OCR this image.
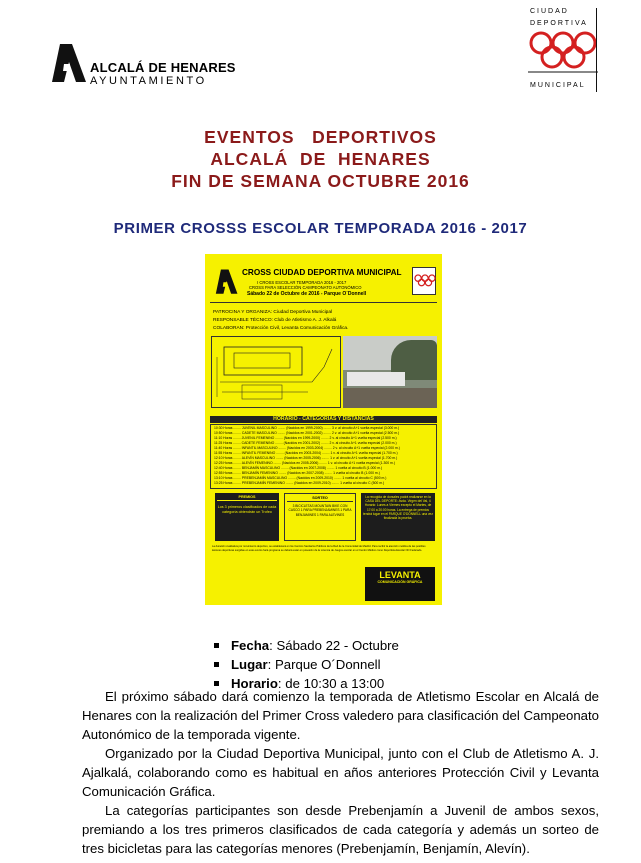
ALCALÁ DE HENARES
AYUNTAMIENTO
CIUDAD
DEPORTIVA
MUNICIPAL
EVENTOS   DEPORTIVOS
ALCALÁ  DE  HENARES
FIN DE SEMANA OCTUBRE 2016
PRIMER CROSSS ESCOLAR TEMPORADA 2016 - 2017
CROSS CIUDAD DEPORTIVA MUNICIPAL
I CROSS ESCOLAR TEMPORADA 2016 - 2017
CROSS PARA SELECCIÓN CAMPEONATO AUTONÓMICO
Sábado 22 de Octubre de 2016 - Parque O´Donnell
PATROCINA Y ORGANIZA: Ciudad Deportiva Municipal
RESPONSABLE TÉCNICO: Club de Atletismo A. J. Alkalá
COLABORAN: Protección Civil, Levanta Comunicación Gráfica.
HORARIO - CATEGORIAS Y DISTANCIAS
10:30 Horas ........ JUVENIL MASCULINO ........ (Nacidos en 1999-2000) ........ 3 v. al circuito A+1 vuelta especial (3.000 m.)
10:50 Horas ........ CADETE MASCULINO ........ (Nacidos en 2001-2002) ........ 2 v. al circuito A+1 vuelta especial (2.500 m.)
11:10 Horas ........ JUVENIL FEMENINO ........ (Nacidos en 1999-2000) ........ 2 v. al circuito A+1 vuelta especial (2.500 m.)
11:25 Horas ........ CADETE FEMENINO ........ (Nacidos en 2001-2002) ........ 2 v. al circuito A+1 vuelta especial (2.000 m.)
11:40 Horas ........ INFANTIL MASCULINO ........ (Nacidos en 2003-2004) ........ 2 v. al circuito A+1 vuelta especial (2.000 m.)
11:55 Horas ........ INFANTIL FEMENINO ........ (Nacidos en 2003-2004) ........ 1 v. al circuito A+1 vuelta especial (1.700 m.)
12:10 Horas ........ ALEVÍN MASCULINO ........ (Nacidos en 2005-2006) ........ 1 v. al circuito A+1 vuelta especial (1.700 m.)
12:25 Horas ........ ALEVÍN FEMENINO ........ (Nacidos en 2005-2006) ........ 1 v. al circuito A+1 vuelta especial (1.300 m.)
12:40 Horas ........ BENJAMÍN MASCULINO ........ (Nacidos en 2007-2008) ........ 1 vuelta al circuito B (1.000 m.)
12:55 Horas ........ BENJAMÍN FEMENINO ........ (Nacidos en 2007-2008) ........ 1 vuelta al circuito B (1.000 m.)
13:10 Horas ........ PREBENJAMÍN MASCULINO ........ (Nacidos en 2009-2010) ........ 1 vuelta al circuito C (500 m.)
13:25 Horas ........ PREBENJAMÍN FEMENINO ........ (Nacidos en 2009-2010) ........ 1 vuelta al circuito C (500 m.)
PREMIOS
Los 3 primeros clasificados de cada categoría obtendrán un Trofeo
SORTEO
3 BICICLETAS MOUNTAIN BIKE CON CASCO 1 PARA PREBENJAMINES 1 PARA BENJAMINES 1 PARA ALEVINES
La recogida de dorsales podrá realizarse en la CASA DEL DEPORTE: Avda. Virgen del Val, 4 Horario: Lunes a Viernes excepto el Martes, de 17:00 a 20:00 horas. La entrega de premios tendrá lugar en el PARQUE O'DONNELL una vez finalizada la prueba.
La duración cualitativa por movimiento deportivo, se establecerá en los Centros Sanitarios Públicos de la Red de la Comunidad de Madrid. Para recibir la atención médica de las posibles lesiones deportivas surgidas en este evento hará programa se deberá estar en posesión de la Licencia de Juegos escolar en el Centro Médico como Deportista Escolar NO Federado.
LEVANTA
COMUNICACIÓN GRÁFICA
Fecha: Sábado 22 - Octubre
Lugar: Parque O´Donnell
Horario: de 10:30 a 13:00

El próximo sábado dará comienzo la temporada de Atletismo Escolar en Alcalá de Henares con la realización del Primer Cross valedero para clasificación del Campeonato Autonómico de la temporada vigente.

Organizado por la Ciudad Deportiva Municipal, junto con el Club de Atletismo A. J. Ajalkalá, colaborando como es habitual en años anteriores Protección Civil y Levanta Comunicación Gráfica.

La categorías participantes son desde Prebenjamín a Juvenil de ambos sexos, premiando a los tres primeros clasificados de cada categoría y además un sorteo de tres bicicletas para las categorías menores (Prebenjamín, Benjamín, Alevín).
